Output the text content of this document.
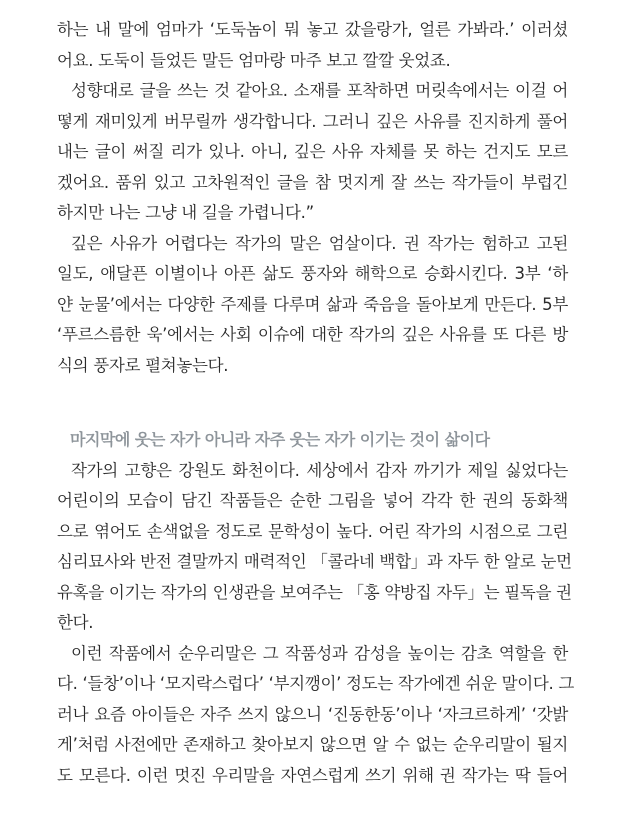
하는 내 말에 엄마가 ‘도둑놈이 뭐 놓고 갔을랑가, 얼른 가봐라.’ 이러셨
어요. 도둑이 들었든 말든 엄마랑 마주 보고 깔깔 웃었죠.
성향대로 글을 쓰는 것 같아요. 소재를 포착하면 머릿속에서는 이걸 어
떻게 재미있게 버무릴까 생각합니다. 그러니 깊은 사유를 진지하게 풀어
내는 글이 써질 리가 있나. 아니, 깊은 사유 자체를 못 하는 건지도 모르
겠어요. 품위 있고 고차원적인 글을 참 멋지게 잘 쓰는 작가들이 부럽긴
하지만 나는 그냥 내 길을 가렵니다.”
깊은 사유가 어렵다는 작가의 말은 엄살이다. 권 작가는 험하고 고된
일도, 애달픈 이별이나 아픈 삶도 풍자와 해학으로 승화시킨다. 3부 ‘하
얀 눈물’에서는 다양한 주제를 다루며 삶과 죽음을 돌아보게 만든다. 5부
‘푸르스름한 욱’에서는 사회 이슈에 대한 작가의 깊은 사유를 또 다른 방
식의 풍자로 펼쳐놓는다.
마지막에 웃는 자가 아니라 자주 웃는 자가 이기는 것이 삶이다
작가의 고향은 강원도 화천이다. 세상에서 감자 까기가 제일 싫었다는
어린이의 모습이 담긴 작품들은 순한 그림을 넣어 각각 한 권의 동화책
으로 엮어도 손색없을 정도로 문학성이 높다. 어린 작가의 시점으로 그린
심리묘사와 반전 결말까지 매력적인 「콜라네 백합」과 자두 한 알로 눈먼
유혹을 이기는 작가의 인생관을 보여주는 「홍 약방집 자두」는 필독을 권
한다.
이런 작품에서 순우리말은 그 작품성과 감성을 높이는 감초 역할을 한
다. ‘들창’이나 ‘모지락스럽다’ ‘부지깽이’ 정도는 작가에겐 쉬운 말이다. 그
러나 요즘 아이들은 자주 쓰지 않으니 ‘진동한동’이나 ‘자크르하게’ ‘갓밝
게’처럼 사전에만 존재하고 찾아보지 않으면 알 수 없는 순우리말이 될지
도 모른다. 이런 멋진 우리말을 자연스럽게 쓰기 위해 권 작가는 딱 들어
